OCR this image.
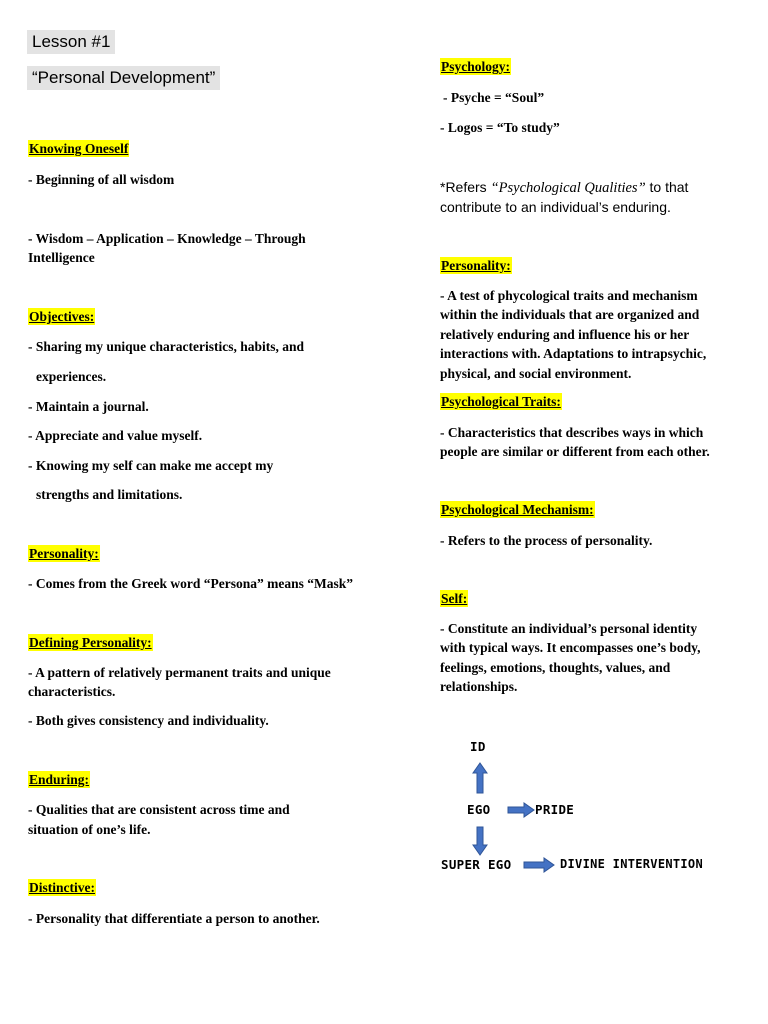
Lesson #1
“Personal Development”
Knowing Oneself
- Beginning of all wisdom
- Wisdom – Application – Knowledge – Through
Intelligence
Objectives:
- Sharing my unique characteristics, habits, and
experiences.
- Maintain a journal.
- Appreciate and value myself.
- Knowing my self can make me accept my
strengths and limitations.
Personality:
- Comes from the Greek word “Persona” means “Mask”
Defining Personality:
- A pattern of relatively permanent traits and unique
characteristics.
- Both gives consistency and individuality.
Enduring:
- Qualities that are consistent across time and
situation of one’s life.
Distinctive:
- Personality that differentiate a person to another.
Psychology:
- Psyche = “Soul”
- Logos = “To study”
*Refers “Psychological Qualities” to that
contribute to an individual’s enduring.
Personality:
- A test of phycological traits and mechanism
within the individuals that are organized and
relatively enduring and influence his or her
interactions with. Adaptations to intrapsychic,
physical, and social environment.
Psychological Traits:
- Characteristics that describes ways in which
people are similar or different from each other.
Psychological Mechanism:
- Refers to the process of personality.
Self:
- Constitute an individual’s personal identity
with typical ways. It encompasses one’s body,
feelings, emotions, thoughts, values, and
relationships.
ID
EGO	PRIDE
SUPER EGO	DIVINE INTERVENTION
